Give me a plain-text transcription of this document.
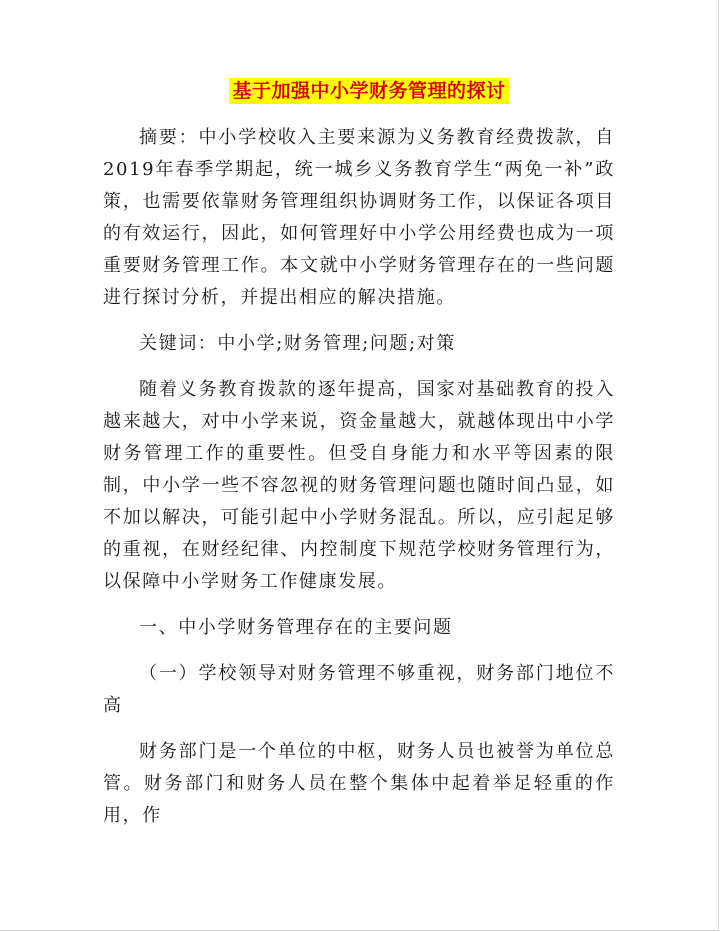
基于加强中小学财务管理的探讨

摘要：中小学校收入主要来源为义务教育经费拨款，自2019年春季学期起，统一城乡义务教育学生“两免一补”政策，也需要依靠财务管理组织协调财务工作，以保证各项目的有效运行，因此，如何管理好中小学公用经费也成为一项重要财务管理工作。本文就中小学财务管理存在的一些问题进行探讨分析，并提出相应的解决措施。

关键词：中小学;财务管理;问题;对策

随着义务教育拨款的逐年提高，国家对基础教育的投入越来越大，对中小学来说，资金量越大，就越体现出中小学财务管理工作的重要性。但受自身能力和水平等因素的限制，中小学一些不容忽视的财务管理问题也随时间凸显，如不加以解决，可能引起中小学财务混乱。所以，应引起足够的重视，在财经纪律、内控制度下规范学校财务管理行为，以保障中小学财务工作健康发展。

一、中小学财务管理存在的主要问题

（一）学校领导对财务管理不够重视，财务部门地位不高

财务部门是一个单位的中枢，财务人员也被誉为单位总管。财务部门和财务人员在整个集体中起着举足轻重的作用，作
